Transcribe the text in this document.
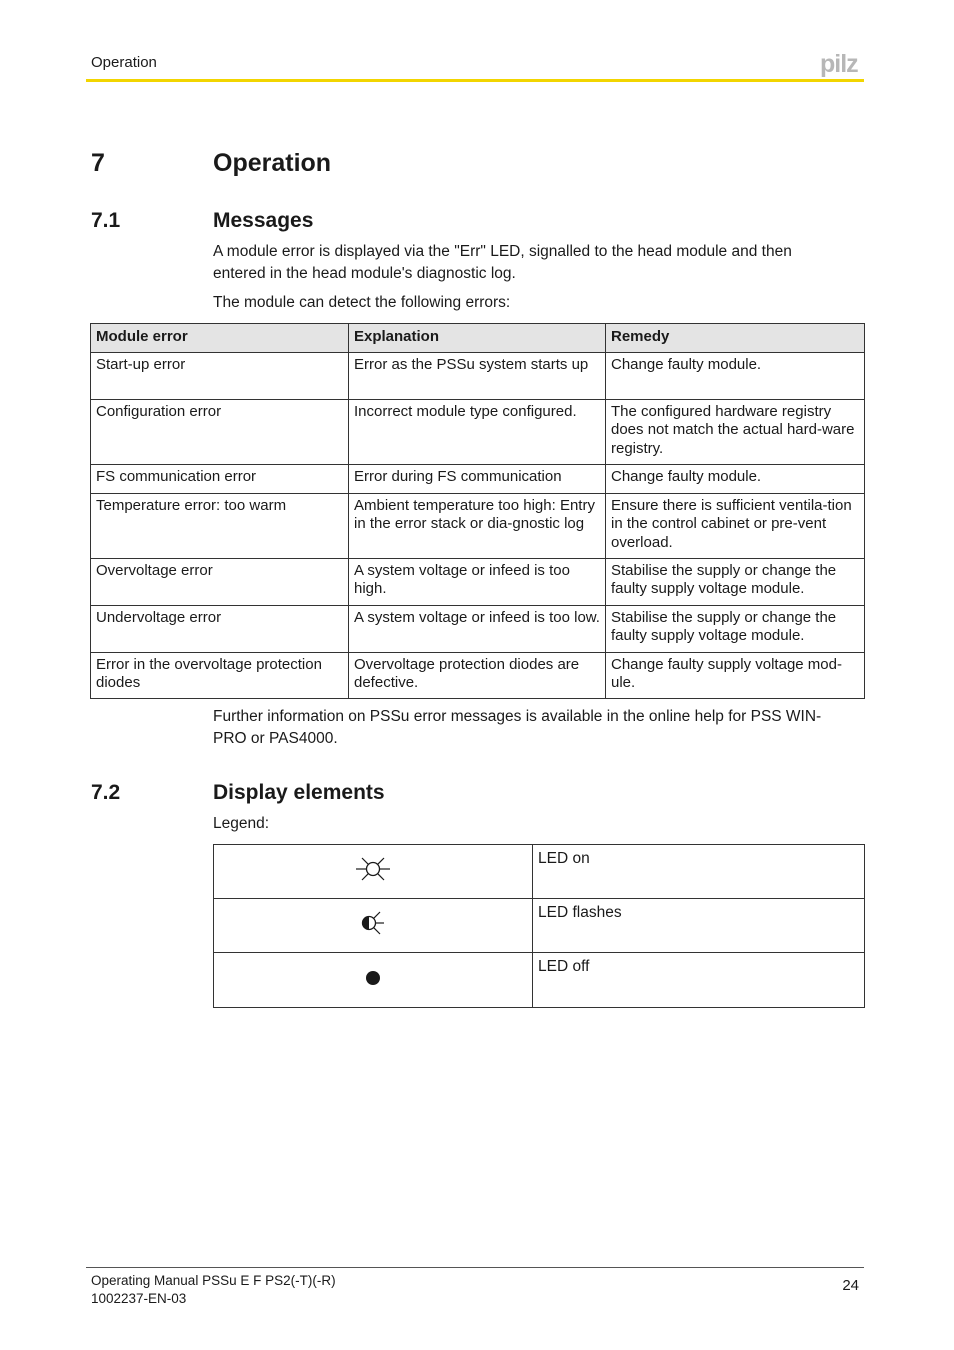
Operation	pilz
7	Operation
7.1	Messages
A module error is displayed via the "Err" LED, signalled to the head module and then
entered in the head module's diagnostic log.
The module can detect the following errors:
Module error	Explanation	Remedy
Start-up error	Error as the PSSu system starts up	Change faulty module.
Configuration error	Incorrect module type configured.	The configured hardware registry does not match the actual hard-ware registry.
FS communication error	Error during FS communication	Change faulty module.
Temperature error: too warm	Ambient temperature too high: Entry in the error stack or dia-gnostic log	Ensure there is sufficient ventila-tion in the control cabinet or pre-vent overload.
Overvoltage error	A system voltage or infeed is too high.	Stabilise the supply or change the faulty supply voltage module.
Undervoltage error	A system voltage or infeed is too low.	Stabilise the supply or change the faulty supply voltage module.
Error in the overvoltage protection diodes	Overvoltage protection diodes are defective.	Change faulty supply voltage mod-ule.
Further information on PSSu error messages is available in the online help for PSS WIN-
PRO or PAS4000.
7.2	Display elements
Legend:
	LED on
	LED flashes
	LED off
Operating Manual PSSu E F PS2(-T)(-R)
1002237-EN-03
24
